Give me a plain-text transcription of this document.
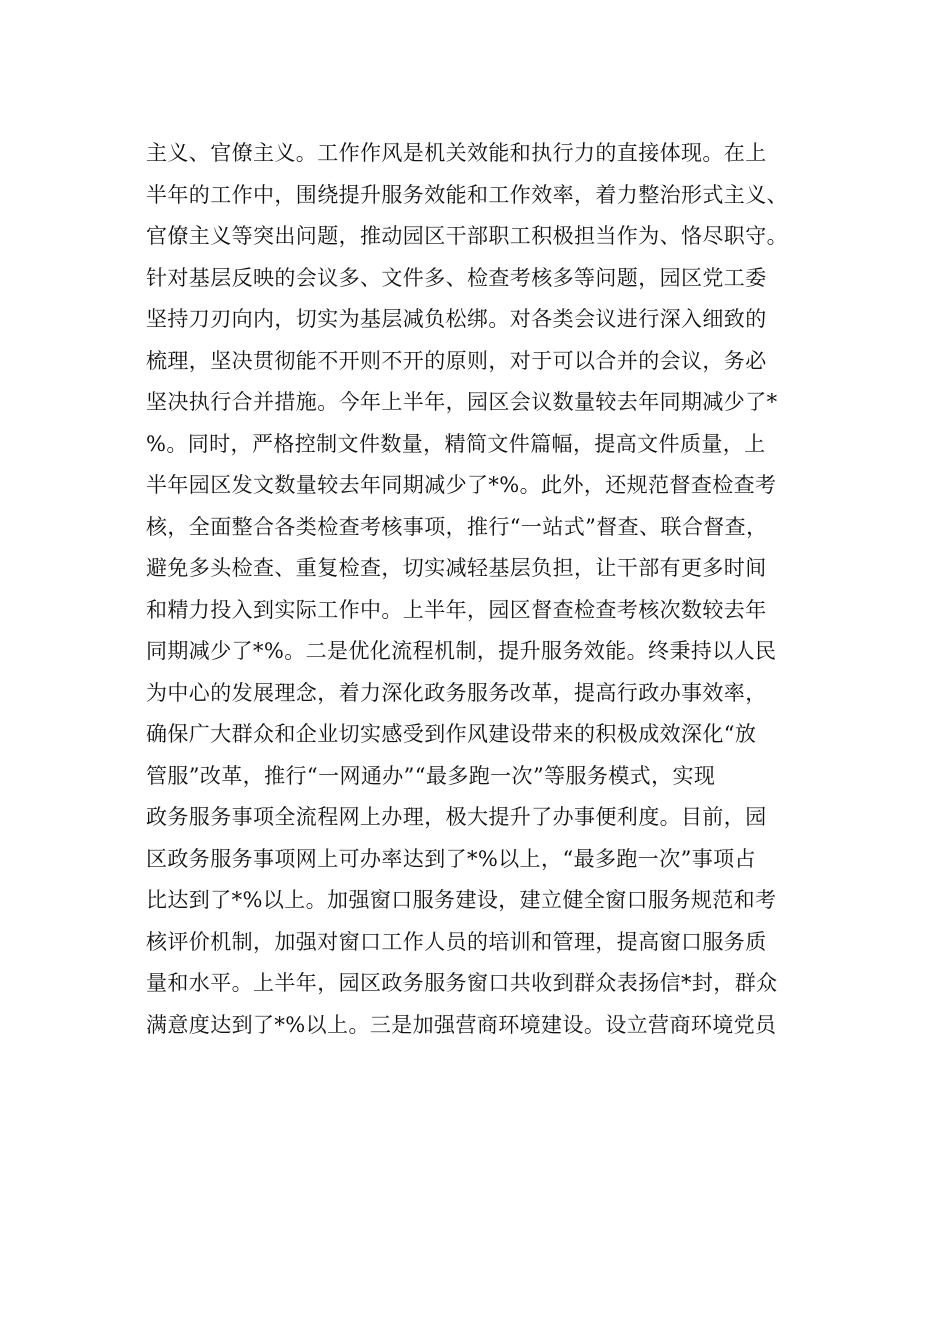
主义、官僚主义。工作作风是机关效能和执行力的直接体现。在上
半年的工作中，围绕提升服务效能和工作效率，着力整治形式主义、
官僚主义等突出问题，推动园区干部职工积极担当作为、恪尽职守。
针对基层反映的会议多、文件多、检查考核多等问题，园区党工委
坚持刀刃向内，切实为基层减负松绑。对各类会议进行深入细致的
梳理，坚决贯彻能不开则不开的原则，对于可以合并的会议，务必
坚决执行合并措施。今年上半年，园区会议数量较去年同期减少了*
%。同时，严格控制文件数量，精简文件篇幅，提高文件质量，上
半年园区发文数量较去年同期减少了*%。此外，还规范督查检查考
核，全面整合各类检查考核事项，推行“一站式”督查、联合督查，
避免多头检查、重复检查，切实减轻基层负担，让干部有更多时间
和精力投入到实际工作中。上半年，园区督查检查考核次数较去年
同期减少了*%。二是优化流程机制，提升服务效能。终秉持以人民
为中心的发展理念，着力深化政务服务改革，提高行政办事效率，
确保广大群众和企业切实感受到作风建设带来的积极成效深化“放
管服”改革，推行“一网通办”“最多跑一次”等服务模式，实现
政务服务事项全流程网上办理，极大提升了办事便利度。目前，园
区政务服务事项网上可办率达到了*%以上，“最多跑一次”事项占
比达到了*%以上。加强窗口服务建设，建立健全窗口服务规范和考
核评价机制，加强对窗口工作人员的培训和管理，提高窗口服务质
量和水平。上半年，园区政务服务窗口共收到群众表扬信*封，群众
满意度达到了*%以上。三是加强营商环境建设。设立营商环境党员
